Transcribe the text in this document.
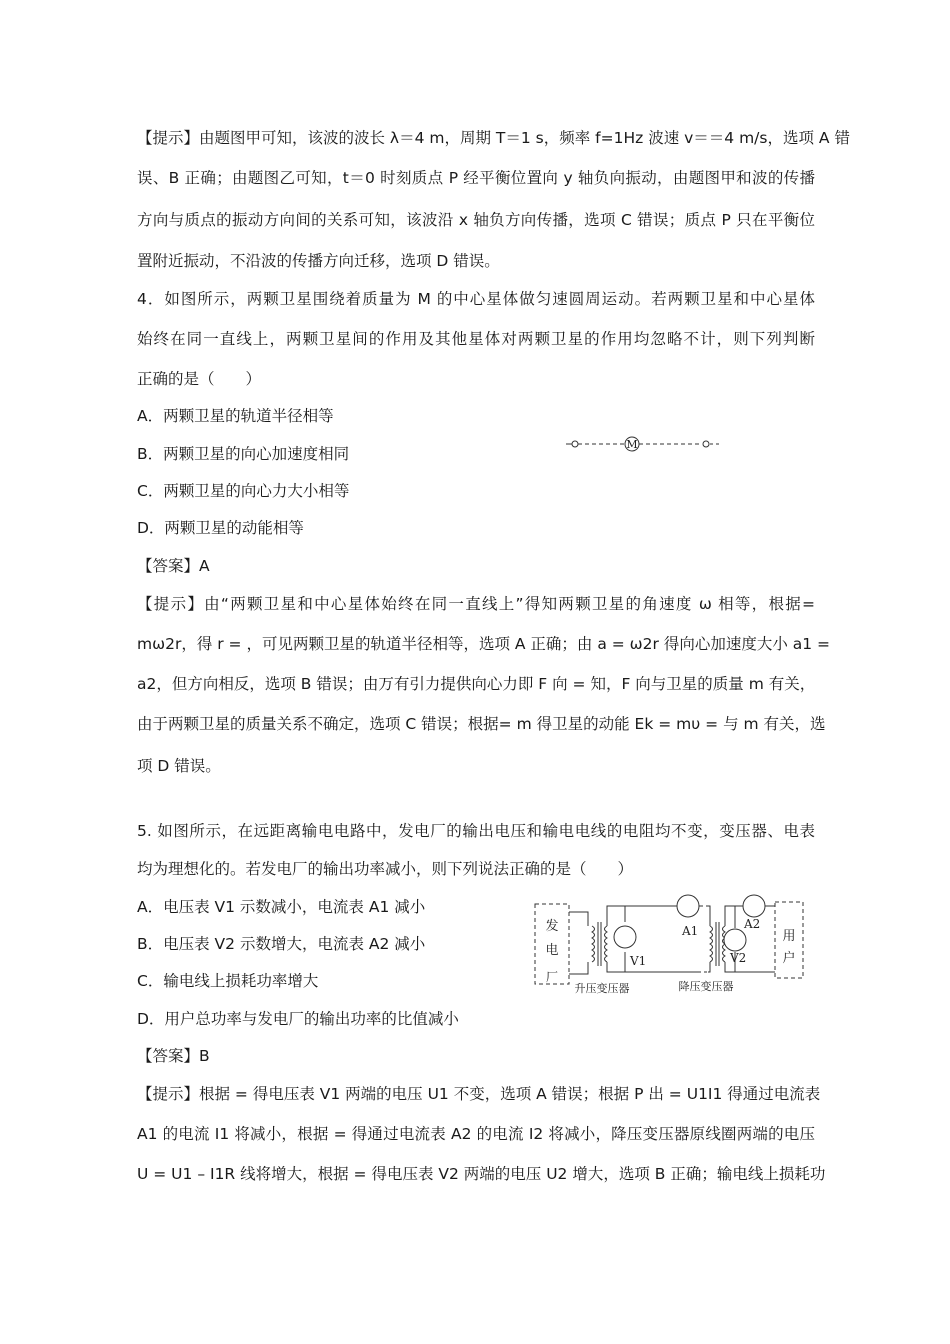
【提示】由题图甲可知，该波的波长 λ＝4 m，周期 T＝1 s，频率 f=1Hz 波速 v＝＝4 m/s，选项 A 错
误、B 正确；由题图乙可知，t＝0 时刻质点 P 经平衡位置向 y 轴负向振动，由题图甲和波的传播
方向与质点的振动方向间的关系可知，该波沿 x 轴负方向传播，选项 C 错误；质点 P 只在平衡位
置附近振动，不沿波的传播方向迁移，选项 D 错误。
4．如图所示，两颗卫星围绕着质量为 M 的中心星体做匀速圆周运动。若两颗卫星和中心星体
始终在同一直线上，两颗卫星间的作用及其他星体对两颗卫星的作用均忽略不计，则下列判断
正确的是（　　）
A．两颗卫星的轨道半径相等
B．两颗卫星的向心加速度相同
C．两颗卫星的向心力大小相等
D．两颗卫星的动能相等
M
【答案】A
【提示】由“两颗卫星和中心星体始终在同一直线上”得知两颗卫星的角速度 ω 相等，根据=
mω2r，得 r = ，可见两颗卫星的轨道半径相等，选项 A 正确；由 a = ω2r 得向心加速度大小 a1 =
a2，但方向相反，选项 B 错误；由万有引力提供向心力即 F 向 = 知，F 向与卫星的质量 m 有关，
由于两颗卫星的质量关系不确定，选项 C 错误；根据= m 得卫星的动能 Ek = mυ = 与 m 有关，选
项 D 错误。
5. 如图所示，在远距离输电电路中，发电厂的输出电压和输电电线的电阻均不变，变压器、电表
均为理想化的。若发电厂的输出功率减小，则下列说法正确的是（　　）
A．电压表 V1 示数减小，电流表 A1 减小
B．电压表 V2 示数增大，电流表 A2 减小
C．输电线上损耗功率增大
D．用户总功率与发电厂的输出功率的比值减小
发
电
厂
V1
A1
V2
A2
用
户
升压变压器	降压变压器
【答案】B
【提示】根据 = 得电压表 V1 两端的电压 U1 不变，选项 A 错误；根据 P 出 = U1I1 得通过电流表
A1 的电流 I1 将减小，根据 = 得通过电流表 A2 的电流 I2 将减小，降压变压器原线圈两端的电压
U = U1 – I1R 线将增大，根据 = 得电压表 V2 两端的电压 U2 增大，选项 B 正确；输电线上损耗功
